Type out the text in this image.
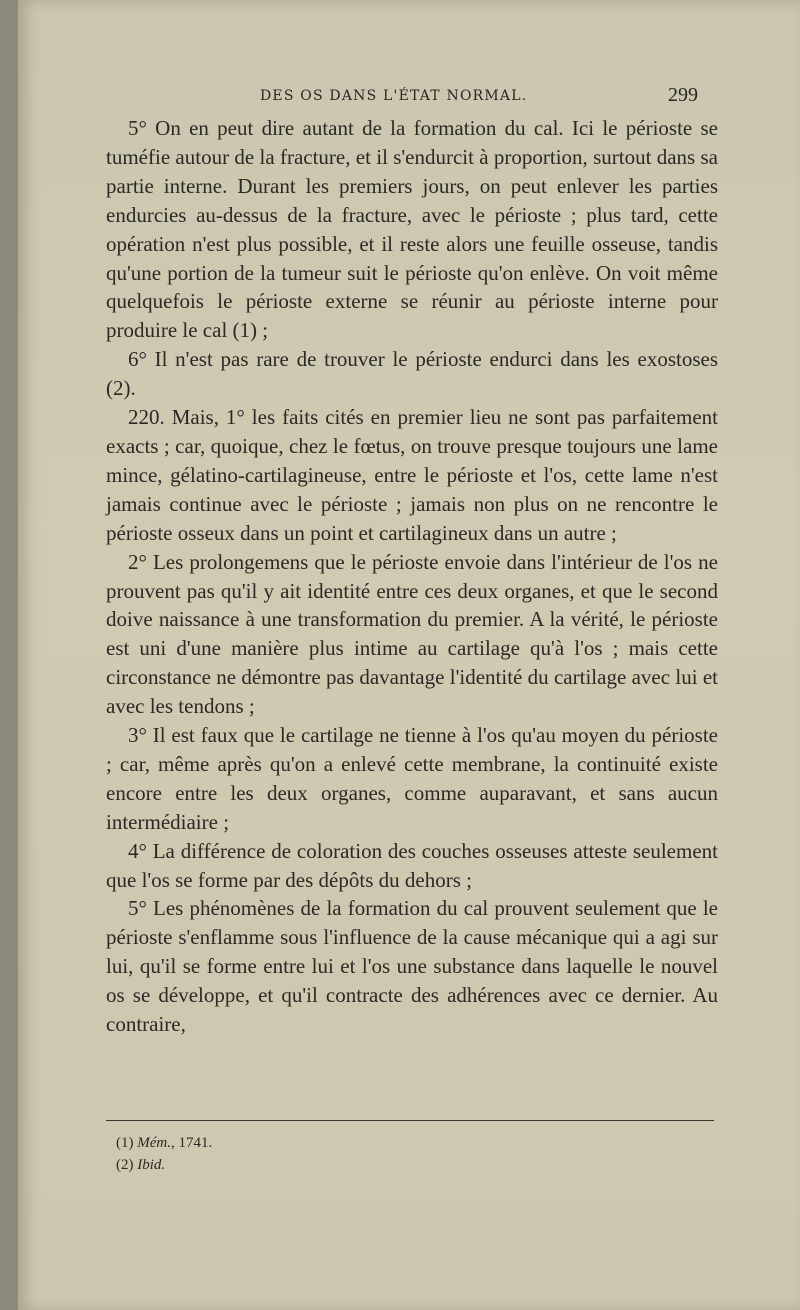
DES OS DANS L'ÉTAT NORMAL.	299

5° On en peut dire autant de la formation du cal. Ici le périoste se tuméfie autour de la fracture, et il s'endurcit à proportion, surtout dans sa partie interne. Durant les premiers jours, on peut enlever les parties endurcies au-dessus de la fracture, avec le périoste ; plus tard, cette opération n'est plus possible, et il reste alors une feuille osseuse, tandis qu'une portion de la tumeur suit le périoste qu'on enlève. On voit même quelquefois le périoste externe se réunir au périoste interne pour produire le cal (1) ;

6° Il n'est pas rare de trouver le périoste endurci dans les exostoses (2).

220. Mais, 1° les faits cités en premier lieu ne sont pas parfaitement exacts ; car, quoique, chez le fœtus, on trouve presque toujours une lame mince, gélatino-cartilagineuse, entre le périoste et l'os, cette lame n'est jamais continue avec le périoste ; jamais non plus on ne rencontre le périoste osseux dans un point et cartilagineux dans un autre ;

2° Les prolongemens que le périoste envoie dans l'intérieur de l'os ne prouvent pas qu'il y ait identité entre ces deux organes, et que le second doive naissance à une transformation du premier. A la vérité, le périoste est uni d'une manière plus intime au cartilage qu'à l'os ; mais cette circonstance ne démontre pas davantage l'identité du cartilage avec lui et avec les tendons ;

3° Il est faux que le cartilage ne tienne à l'os qu'au moyen du périoste ; car, même après qu'on a enlevé cette membrane, la continuité existe encore entre les deux organes, comme auparavant, et sans aucun intermédiaire ;

4° La différence de coloration des couches osseuses atteste seulement que l'os se forme par des dépôts du dehors ;

5° Les phénomènes de la formation du cal prouvent seulement que le périoste s'enflamme sous l'influence de la cause mécanique qui a agi sur lui, qu'il se forme entre lui et l'os une substance dans laquelle le nouvel os se développe, et qu'il contracte des adhérences avec ce dernier. Au contraire,

(1) Mém., 1741.
(2) Ibid.
